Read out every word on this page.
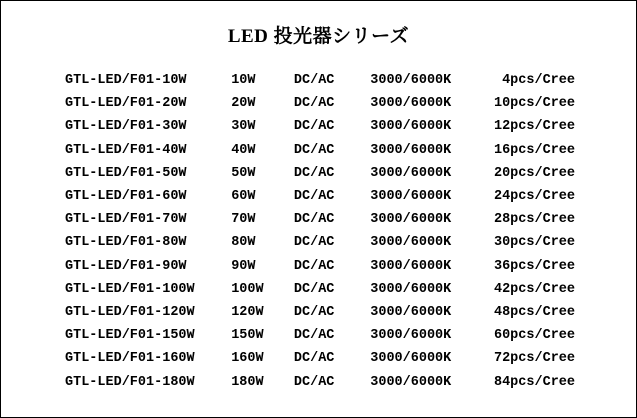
LED 投光器シリーズ
GTL-LED/F01-10W	10W	DC/AC	3000/6000K	4pcs/Cree
GTL-LED/F01-20W	20W	DC/AC	3000/6000K	10pcs/Cree
GTL-LED/F01-30W	30W	DC/AC	3000/6000K	12pcs/Cree
GTL-LED/F01-40W	40W	DC/AC	3000/6000K	16pcs/Cree
GTL-LED/F01-50W	50W	DC/AC	3000/6000K	20pcs/Cree
GTL-LED/F01-60W	60W	DC/AC	3000/6000K	24pcs/Cree
GTL-LED/F01-70W	70W	DC/AC	3000/6000K	28pcs/Cree
GTL-LED/F01-80W	80W	DC/AC	3000/6000K	30pcs/Cree
GTL-LED/F01-90W	90W	DC/AC	3000/6000K	36pcs/Cree
GTL-LED/F01-100W	100W	DC/AC	3000/6000K	42pcs/Cree
GTL-LED/F01-120W	120W	DC/AC	3000/6000K	48pcs/Cree
GTL-LED/F01-150W	150W	DC/AC	3000/6000K	60pcs/Cree
GTL-LED/F01-160W	160W	DC/AC	3000/6000K	72pcs/Cree
GTL-LED/F01-180W	180W	DC/AC	3000/6000K	84pcs/Cree
